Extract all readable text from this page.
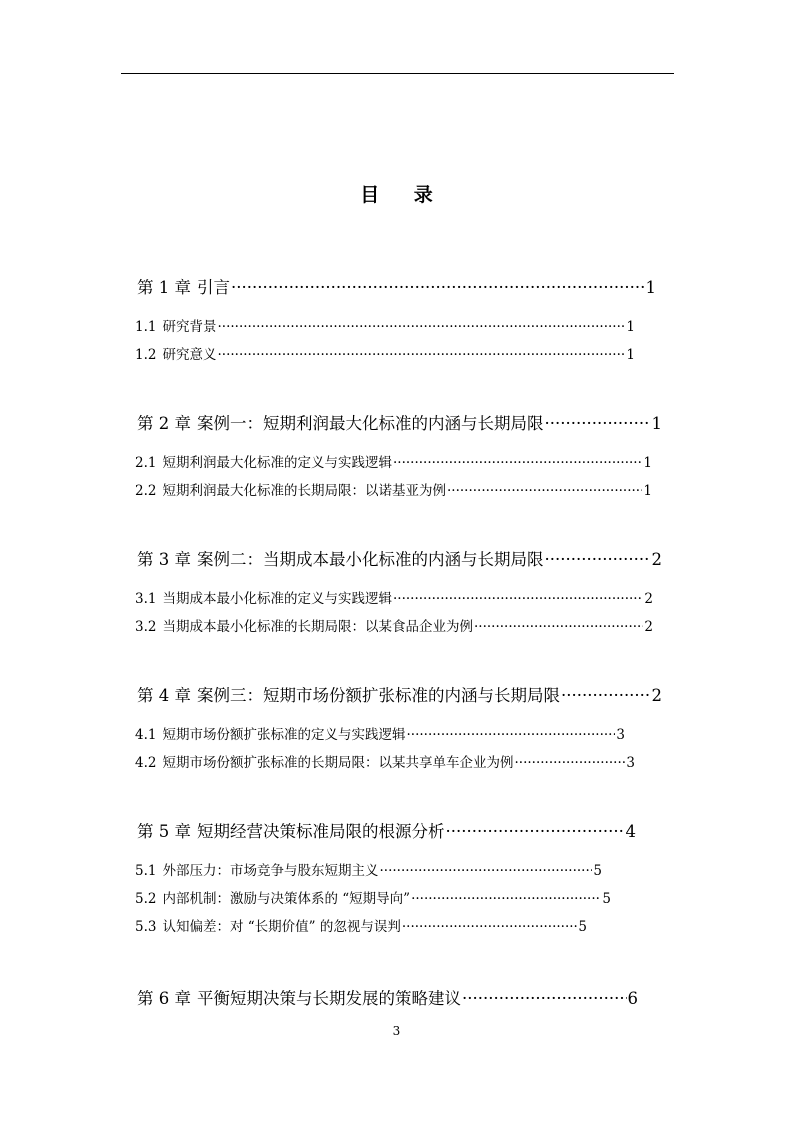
目 录
第 1 章 引言 ·····	1
1.1 研究背景 ·····	1
1.2 研究意义 ·····	1
第 2 章 案例一：短期利润最大化标准的内涵与长期局限 ·····	1
2.1 短期利润最大化标准的定义与实践逻辑 ·····	1
2.2 短期利润最大化标准的长期局限：以诺基亚为例 ·····	1
第 3 章 案例二：当期成本最小化标准的内涵与长期局限 ·····	2
3.1 当期成本最小化标准的定义与实践逻辑 ·····	2
3.2 当期成本最小化标准的长期局限：以某食品企业为例 ·····	2
第 4 章 案例三：短期市场份额扩张标准的内涵与长期局限 ·····	2
4.1 短期市场份额扩张标准的定义与实践逻辑 ·····	3
4.2 短期市场份额扩张标准的长期局限：以某共享单车企业为例 ·····	3
第 5 章 短期经营决策标准局限的根源分析 ·····	4
5.1 外部压力：市场竞争与股东短期主义 ·····	5
5.2 内部机制：激励与决策体系的 “短期导向” ·····	5
5.3 认知偏差：对 “长期价值” 的忽视与误判 ·····	5
第 6 章 平衡短期决策与长期发展的策略建议 ·····	6
3
